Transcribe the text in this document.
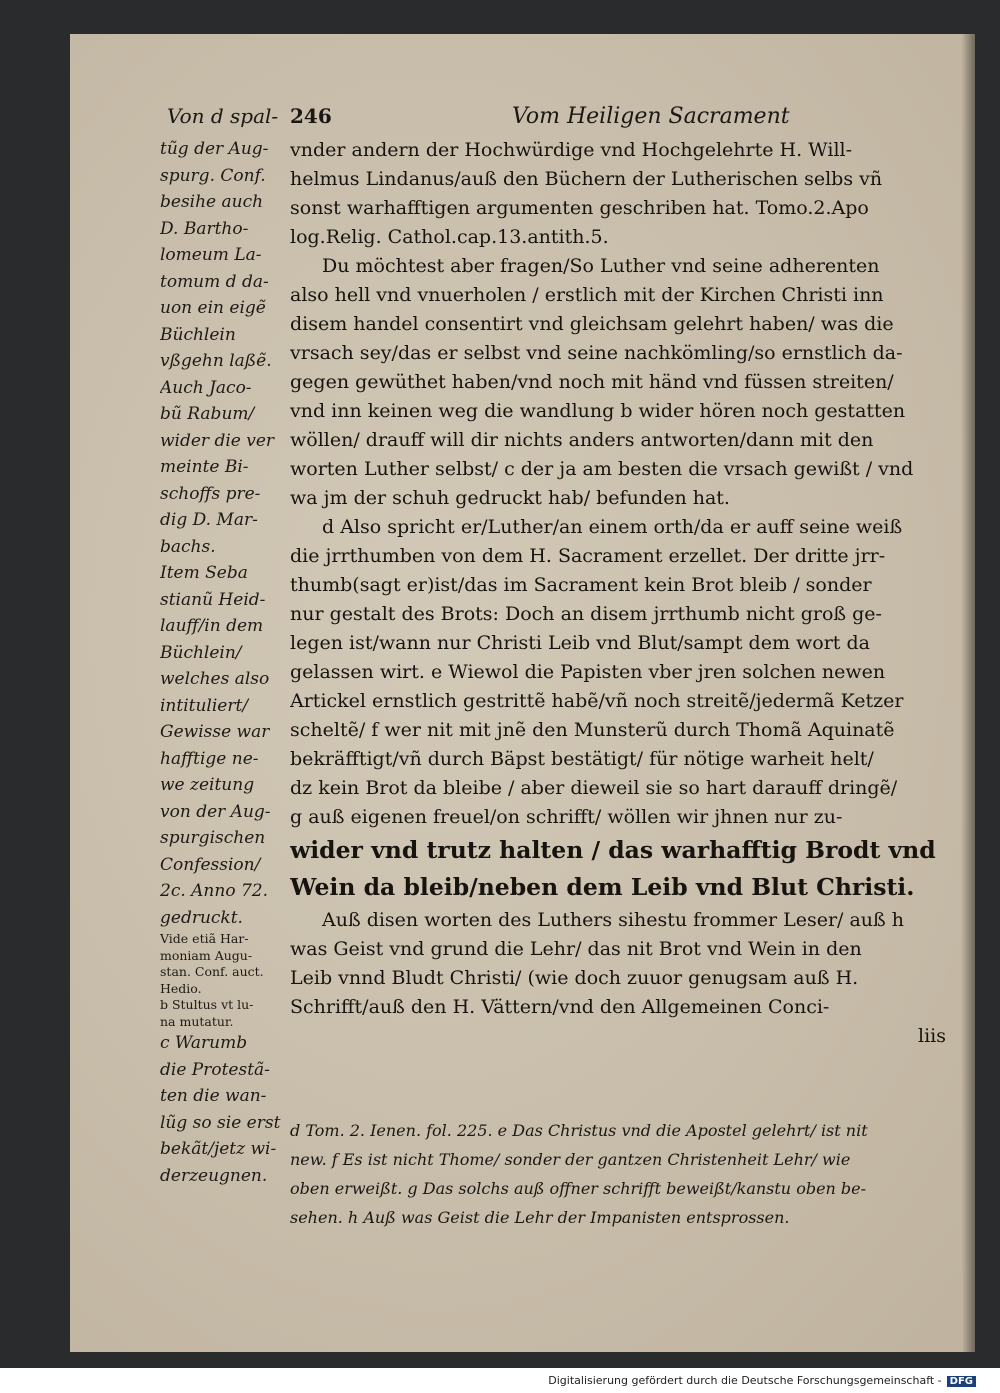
Von d spal- 246	Vom Heiligen Sacrament
tũg der Aug-
spurg. Conf.
besihe auch
D. Bartho-
lomeum La-
tomum d da-
uon ein eigẽ
Büchlein
vßgehn laßẽ.
Auch Jaco-
bũ Rabum/
wider die ver
meinte Bi-
schoffs pre-
dig D. Mar-
bachs.
Item Seba
stianũ Heid-
lauff/in dem
Büchlein/
welches also
intituliert/
Gewisse war
hafftige ne-
we zeitung
von der Aug-
spurgischen
Confession/
2c. Anno 72.
gedruckt.
Vide etiã Har-
moniam Augu-
stan. Conf. auct.
Hedio.
b Stultus vt lu-
na mutatur.
c Warumb
die Protestã-
ten die wan-
lũg so sie erst
bekãt/jetz wi-
derzeugnen.
vnder andern der Hochwürdige vnd Hochgelehrte H. Will-
helmus Lindanus/auß den Büchern der Lutherischen selbs vñ
sonst warhafftigen argumenten geschriben hat. Tomo.2.Apo
log.Relig. Cathol.cap.13.antith.5.
Du möchtest aber fragen/So Luther vnd seine adherenten
also hell vnd vnuerholen / erstlich mit der Kirchen Christi inn
disem handel consentirt vnd gleichsam gelehrt haben/ was die
vrsach sey/das er selbst vnd seine nachkömling/so ernstlich da-
gegen gewüthet haben/vnd noch mit händ vnd füssen streiten/
vnd inn keinen weg die wandlung b wider hören noch gestatten
wöllen/ drauff will dir nichts anders antworten/dann mit den
worten Luther selbst/ c der ja am besten die vrsach gewißt / vnd
wa jm der schuh gedruckt hab/ befunden hat.
d Also spricht er/Luther/an einem orth/da er auff seine weiß
die jrrthumben von dem H. Sacrament erzellet. Der dritte jrr-
thumb(sagt er)ist/das im Sacrament kein Brot bleib / sonder
nur gestalt des Brots: Doch an disem jrrthumb nicht groß ge-
legen ist/wann nur Christi Leib vnd Blut/sampt dem wort da
gelassen wirt. e Wiewol die Papisten vber jren solchen newen
Artickel ernstlich gestrittẽ habẽ/vñ noch streitẽ/jedermã Ketzer
scheltẽ/ f wer nit mit jnẽ den Munsterũ durch Thomã Aquinatẽ
bekräfftigt/vñ durch Bäpst bestätigt/ für nötige warheit helt/
dz kein Brot da bleibe / aber dieweil sie so hart darauff dringẽ/
g auß eigenen freuel/on schrifft/ wöllen wir jhnen nur zu-
wider vnd trutz halten / das warhafftig Brodt vnd
Wein da bleib/neben dem Leib vnd Blut Christi.
Auß disen worten des Luthers sihestu frommer Leser/ auß h
was Geist vnd grund die Lehr/ das nit Brot vnd Wein in den
Leib vnnd Bludt Christi/ (wie doch zuuor genugsam auß H.
Schrifft/auß den H. Vättern/vnd den Allgemeinen Conci-
liis
d Tom. 2. Ienen. fol. 225. e Das Christus vnd die Apostel gelehrt/ ist nit
new. f Es ist nicht Thome/ sonder der gantzen Christenheit Lehr/ wie
oben erweißt. g Das solchs auß offner schrifft beweißt/kanstu oben be-
sehen. h Auß was Geist die Lehr der Impanisten entsprossen.
Digitalisierung gefördert durch die Deutsche Forschungsgemeinschaft - DFG
